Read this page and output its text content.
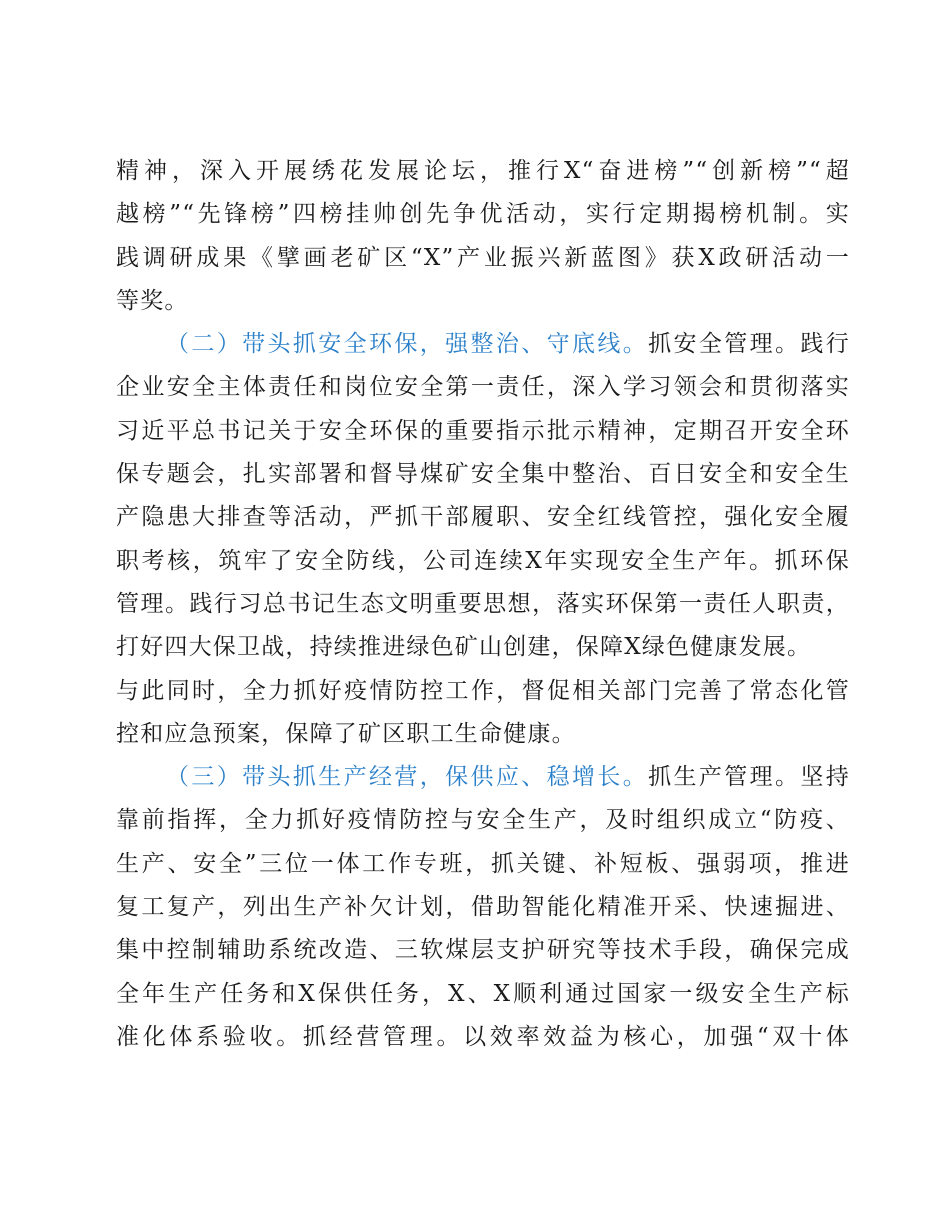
精神，深入开展绣花发展论坛，推行X“奋进榜”“创新榜”“超
越榜”“先锋榜”四榜挂帅创先争优活动，实行定期揭榜机制。实
践调研成果《擘画老矿区“X”产业振兴新蓝图》获X政研活动一
等奖。
（二）带头抓安全环保，强整治、守底线。抓安全管理。践行
企业安全主体责任和岗位安全第一责任，深入学习领会和贯彻落实
习近平总书记关于安全环保的重要指示批示精神，定期召开安全环
保专题会，扎实部署和督导煤矿安全集中整治、百日安全和安全生
产隐患大排查等活动，严抓干部履职、安全红线管控，强化安全履
职考核，筑牢了安全防线，公司连续X年实现安全生产年。抓环保
管理。践行习总书记生态文明重要思想，落实环保第一责任人职责，
打好四大保卫战，持续推进绿色矿山创建，保障X绿色健康发展。
与此同时，全力抓好疫情防控工作，督促相关部门完善了常态化管
控和应急预案，保障了矿区职工生命健康。
（三）带头抓生产经营，保供应、稳增长。抓生产管理。坚持
靠前指挥，全力抓好疫情防控与安全生产，及时组织成立“防疫、
生产、安全”三位一体工作专班，抓关键、补短板、强弱项，推进
复工复产，列出生产补欠计划，借助智能化精准开采、快速掘进、
集中控制辅助系统改造、三软煤层支护研究等技术手段，确保完成
全年生产任务和X保供任务，X、X顺利通过国家一级安全生产标
准化体系验收。抓经营管理。以效率效益为核心，加强“双十体
